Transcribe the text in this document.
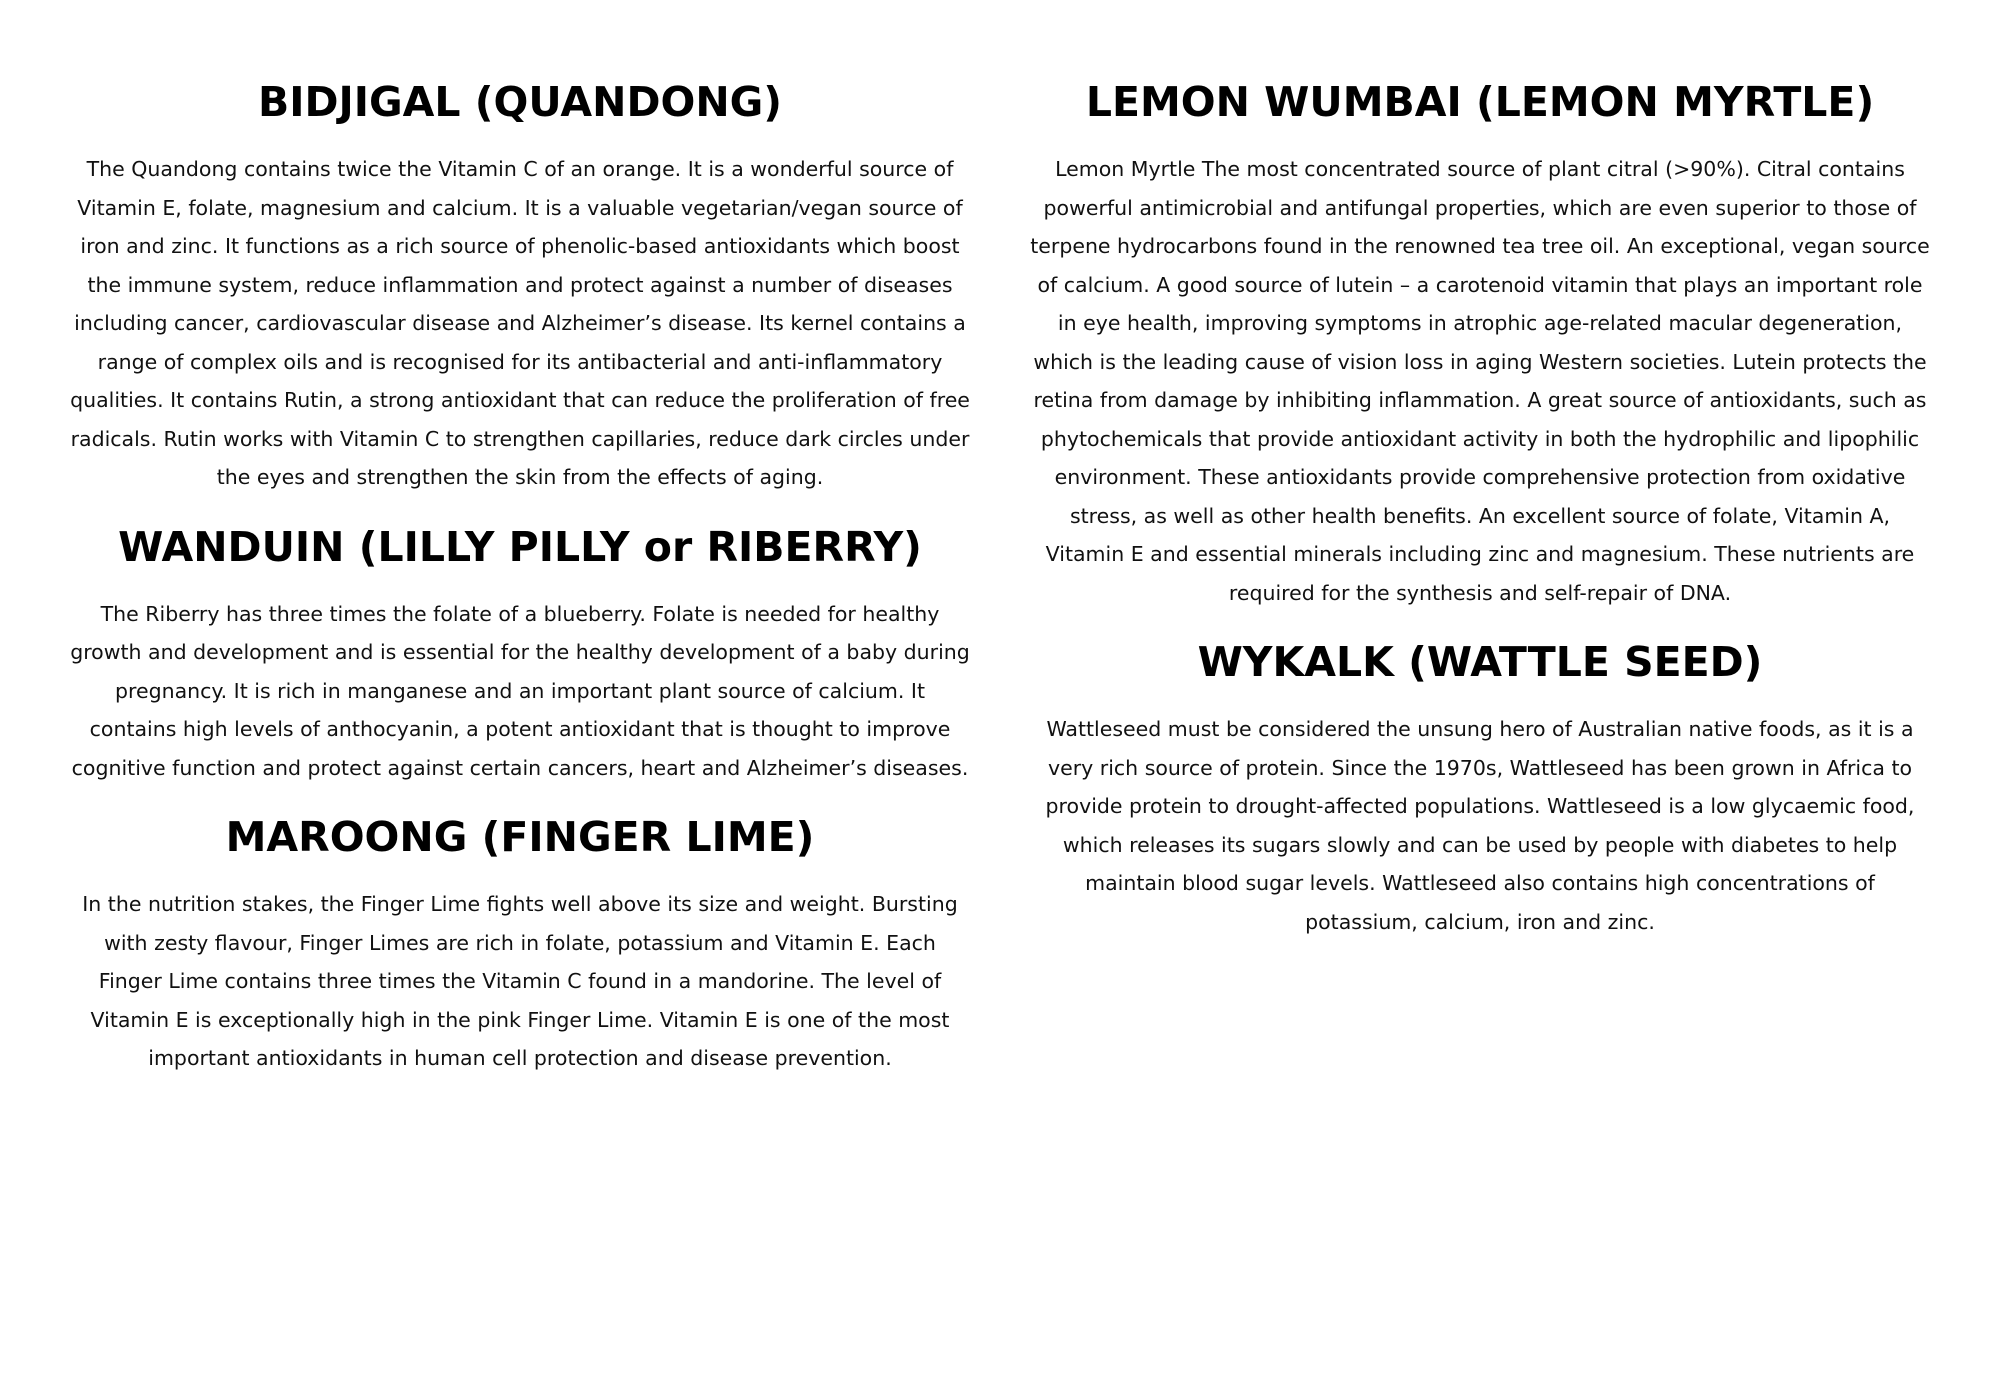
BIDJIGAL (QUANDONG)

The Quandong contains twice the Vitamin C of an orange. It is a wonderful source of Vitamin E, folate, magnesium and calcium. It is a valuable vegetarian/vegan source of iron and zinc. It functions as a rich source of phenolic-based antioxidants which boost the immune system, reduce inflammation and protect against a number of diseases including cancer, cardiovascular disease and Alzheimer’s disease. Its kernel contains a range of complex oils and is recognised for its antibacterial and anti-inflammatory qualities. It contains Rutin, a strong antioxidant that can reduce the proliferation of free radicals. Rutin works with Vitamin C to strengthen capillaries, reduce dark circles under the eyes and strengthen the skin from the effects of aging.

WANDUIN (LILLY PILLY or RIBERRY)

The Riberry has three times the folate of a blueberry. Folate is needed for healthy growth and development and is essential for the healthy development of a baby during pregnancy. It is rich in manganese and an important plant source of calcium. It contains high levels of anthocyanin, a potent antioxidant that is thought to improve cognitive function and protect against certain cancers, heart and Alzheimer’s diseases.

MAROONG (FINGER LIME)

In the nutrition stakes, the Finger Lime fights well above its size and weight. Bursting with zesty flavour, Finger Limes are rich in folate, potassium and Vitamin E. Each Finger Lime contains three times the Vitamin C found in a mandorine. The level of Vitamin E is exceptionally high in the pink Finger Lime. Vitamin E is one of the most important antioxidants in human cell protection and disease prevention.

LEMON WUMBAI (LEMON MYRTLE)

Lemon Myrtle The most concentrated source of plant citral (>90%). Citral contains powerful antimicrobial and antifungal properties, which are even superior to those of terpene hydrocarbons found in the renowned tea tree oil. An exceptional, vegan source of calcium. A good source of lutein – a carotenoid vitamin that plays an important role in eye health, improving symptoms in atrophic age-related macular degeneration, which is the leading cause of vision loss in aging Western societies. Lutein protects the retina from damage by inhibiting inflammation. A great source of antioxidants, such as phytochemicals that provide antioxidant activity in both the hydrophilic and lipophilic environment. These antioxidants provide comprehensive protection from oxidative stress, as well as other health benefits. An excellent source of folate, Vitamin A, Vitamin E and essential minerals including zinc and magnesium. These nutrients are required for the synthesis and self-repair of DNA.

WYKALK (WATTLE SEED)

Wattleseed must be considered the unsung hero of Australian native foods, as it is a very rich source of protein. Since the 1970s, Wattleseed has been grown in Africa to provide protein to drought-affected populations. Wattleseed is a low glycaemic food, which releases its sugars slowly and can be used by people with diabetes to help maintain blood sugar levels. Wattleseed also contains high concentrations of potassium, calcium, iron and zinc.
